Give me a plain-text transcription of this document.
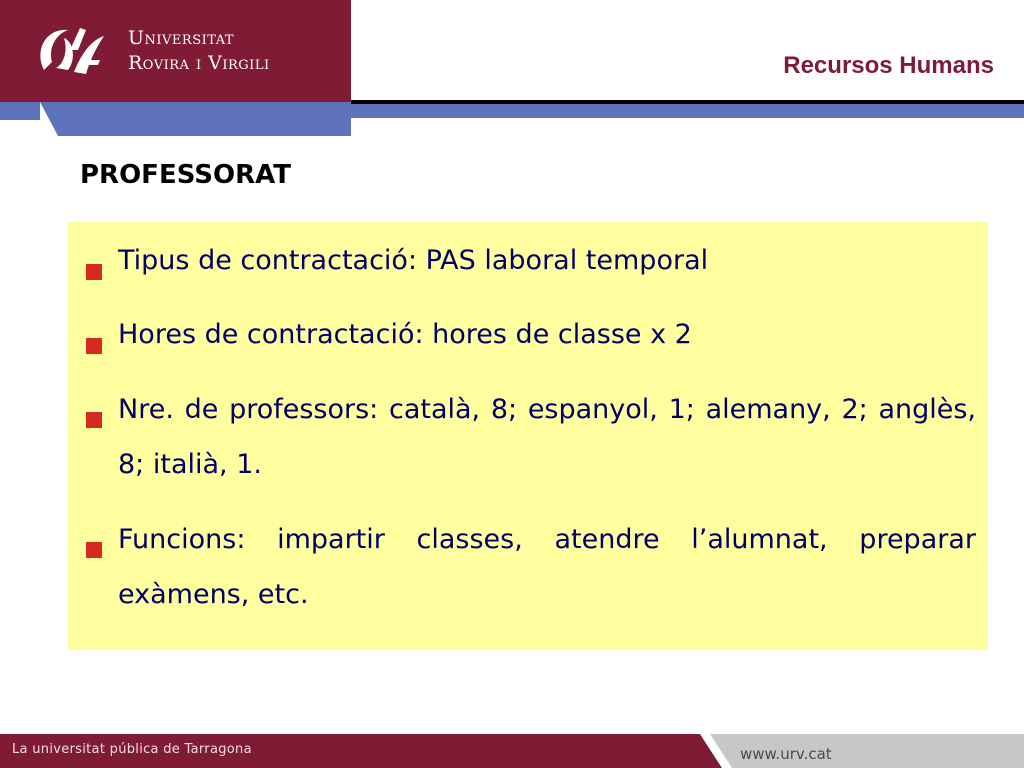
Universitat
Rovira i Virgili	Recursos Humans
PROFESSORAT
Tipus de contractació: PAS laboral temporal
Hores de contractació: hores de classe x 2
Nre. de professors: català, 8; espanyol, 1; alemany, 2; anglès, 8; italià, 1.
Funcions: impartir classes, atendre l’alumnat, preparar exàmens, etc.
La universitat pública de Tarragona	www.urv.cat
